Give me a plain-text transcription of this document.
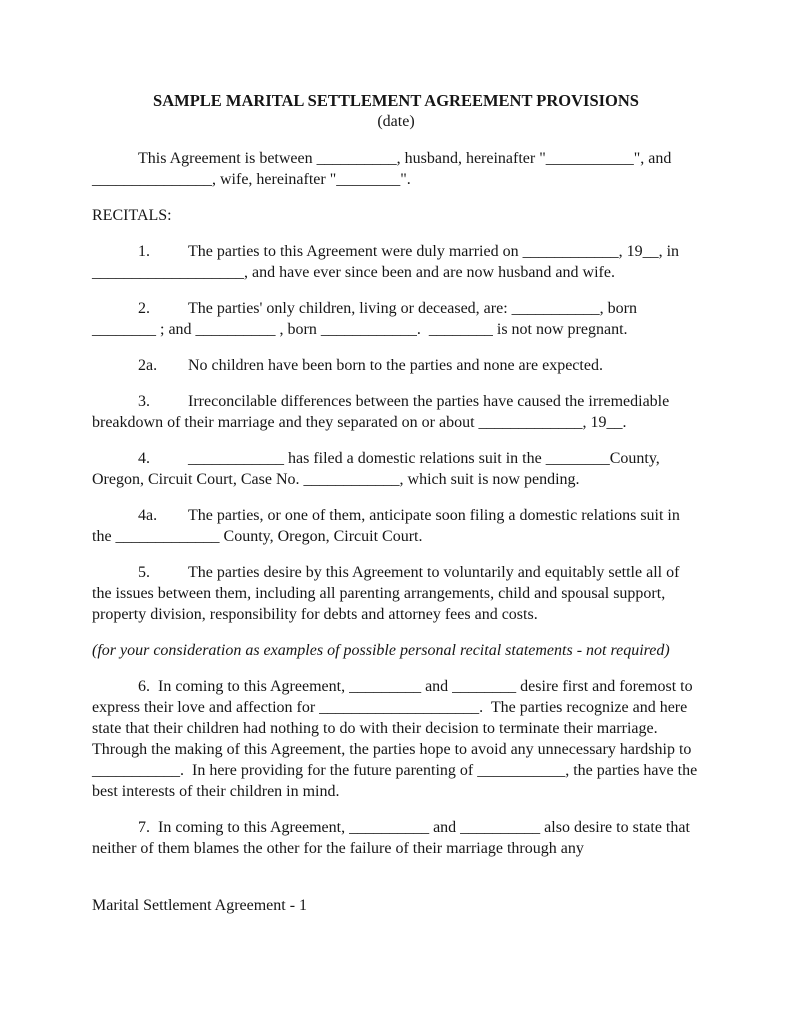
SAMPLE MARITAL SETTLEMENT AGREEMENT PROVISIONS

(date)

This Agreement is between __________, husband, hereinafter "___________", and _______________, wife, hereinafter "________".

RECITALS:

1. The parties to this Agreement were duly married on ____________, 19__, in ___________________, and have ever since been and are now husband and wife.

2. The parties' only children, living or deceased, are: ___________, born ________ ; and __________ , born ____________.  ________ is not now pregnant.

2a. No children have been born to the parties and none are expected.

3. Irreconcilable differences between the parties have caused the irremediable breakdown of their marriage and they separated on or about _____________, 19__.

4. ____________ has filed a domestic relations suit in the ________County, Oregon, Circuit Court, Case No. ____________, which suit is now pending.

4a. The parties, or one of them, anticipate soon filing a domestic relations suit in the _____________ County, Oregon, Circuit Court.

5. The parties desire by this Agreement to voluntarily and equitably settle all of the issues between them, including all parenting arrangements, child and spousal support, property division, responsibility for debts and attorney fees and costs.

(for your consideration as examples of possible personal recital statements - not required)

6. In coming to this Agreement, _________ and ________ desire first and foremost to express their love and affection for ____________________.  The parties recognize and here state that their children had nothing to do with their decision to terminate their marriage.  Through the making of this Agreement, the parties hope to avoid any unnecessary hardship to ___________.  In here providing for the future parenting of ___________, the parties have the best interests of their children in mind.

7. In coming to this Agreement, __________ and __________ also desire to state that neither of them blames the other for the failure of their marriage through any

Marital Settlement Agreement - 1
